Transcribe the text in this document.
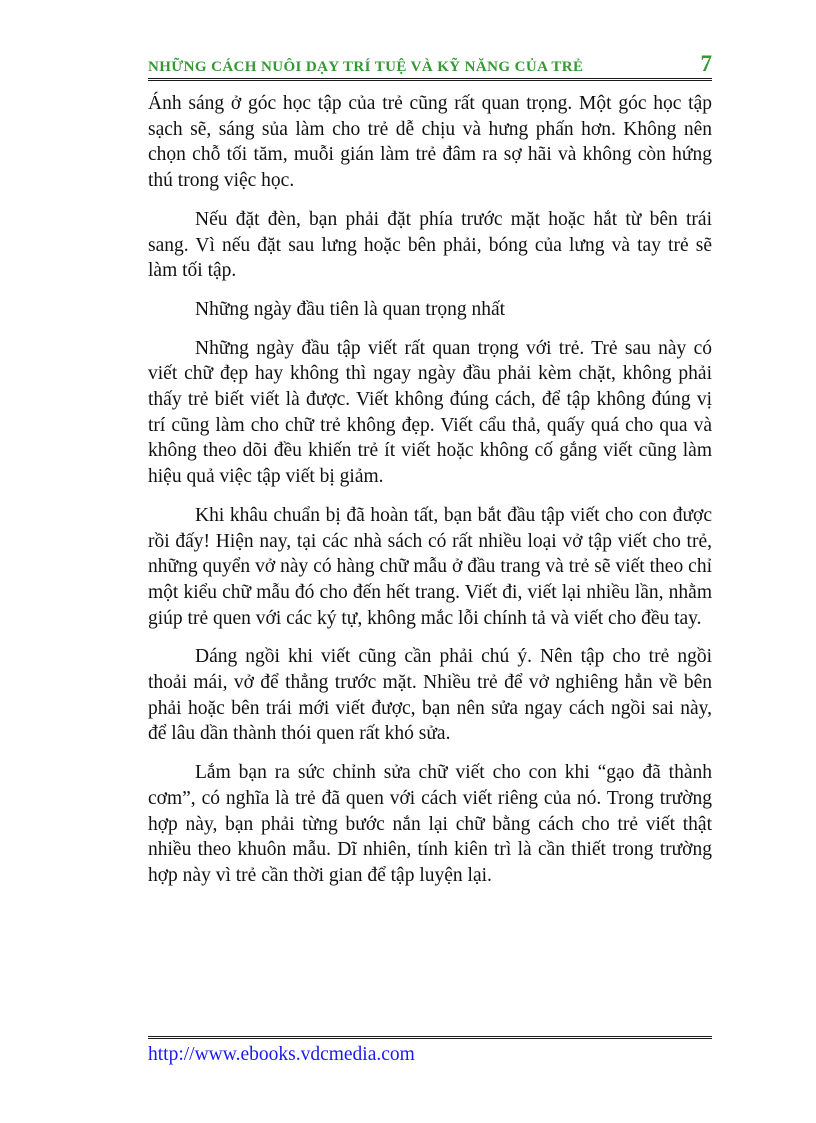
NHỮNG CÁCH NUÔI DẠY TRÍ TUỆ VÀ KỸ NĂNG CỦA TRẺ	7

Ánh sáng ở góc học tập của trẻ cũng rất quan trọng. Một góc học tập sạch sẽ, sáng sủa làm cho trẻ dễ chịu và hưng phấn hơn. Không nên chọn chỗ tối tăm, muỗi gián làm trẻ đâm ra sợ hãi và không còn hứng thú trong việc học.

Nếu đặt đèn, bạn phải đặt phía trước mặt hoặc hắt từ bên trái sang. Vì nếu đặt sau lưng hoặc bên phải, bóng của lưng và tay trẻ sẽ làm tối tập.

Những ngày đầu tiên là quan trọng nhất

Những ngày đầu tập viết rất quan trọng với trẻ. Trẻ sau này có viết chữ đẹp hay không thì ngay ngày đầu phải kèm chặt, không phải thấy trẻ biết viết là được. Viết không đúng cách, để tập không đúng vị trí cũng làm cho chữ trẻ không đẹp. Viết cẩu thả, quấy quá cho qua và không theo dõi đều khiến trẻ ít viết hoặc không cố gắng viết cũng làm hiệu quả việc tập viết bị giảm.

Khi khâu chuẩn bị đã hoàn tất, bạn bắt đầu tập viết cho con được rồi đấy! Hiện nay, tại các nhà sách có rất nhiều loại vở tập viết cho trẻ, những quyển vở này có hàng chữ mẫu ở đầu trang và trẻ sẽ viết theo chỉ một kiểu chữ mẫu đó cho đến hết trang. Viết đi, viết lại nhiều lần, nhằm giúp trẻ quen với các ký tự, không mắc lỗi chính tả và viết cho đều tay.

Dáng ngồi khi viết cũng cần phải chú ý. Nên tập cho trẻ ngồi thoải mái, vở để thẳng trước mặt. Nhiều trẻ để vở nghiêng hẳn về bên phải hoặc bên trái mới viết được, bạn nên sửa ngay cách ngồi sai này, để lâu dần thành thói quen rất khó sửa.

Lắm bạn ra sức chỉnh sửa chữ viết cho con khi “gạo đã thành cơm”, có nghĩa là trẻ đã quen với cách viết riêng của nó. Trong trường hợp này, bạn phải từng bước nắn lại chữ bằng cách cho trẻ viết thật nhiều theo khuôn mẫu. Dĩ nhiên, tính kiên trì là cần thiết trong trường hợp này vì trẻ cần thời gian để tập luyện lại.

http://www.ebooks.vdcmedia.com
